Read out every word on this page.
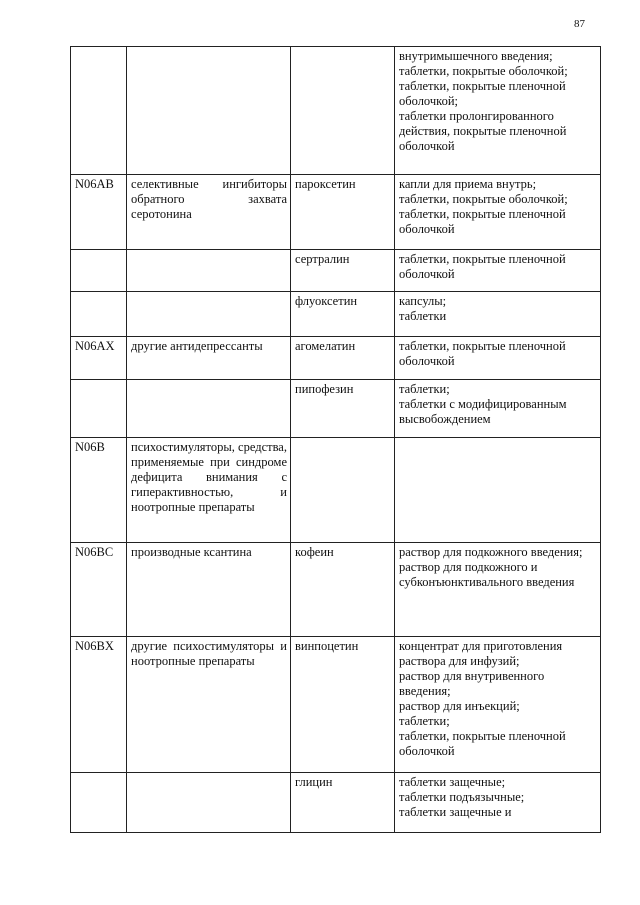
87

			внутримышечного введения;
таблетки, покрытые оболочкой;
таблетки, покрытые пленочной оболочкой;
таблетки пролонгированного действия, покрытые пленочной оболочкой

N06AB	селективные ингибиторы обратного захвата серотонина	пароксетин	капли для приема внутрь;
таблетки, покрытые оболочкой;
таблетки, покрытые пленочной оболочкой

		сертралин	таблетки, покрытые пленочной оболочкой

		флуоксетин	капсулы;
таблетки

N06AX	другие антидепрессанты	агомелатин	таблетки, покрытые пленочной оболочкой

		пипофезин	таблетки;
таблетки с модифицированным высвобождением

N06B	психостимуляторы, средства, применяемые при синдроме дефицита внимания с гиперактивностью, и ноотропные препараты		
N06BC	производные ксантина	кофеин	раствор для подкожного введения;
раствор для подкожного и субконъюнктивального введения

N06BX	другие психостимуляторы и ноотропные препараты	винпоцетин	концентрат для приготовления раствора для инфузий;
раствор для внутривенного введения;
раствор для инъекций;
таблетки;
таблетки, покрытые пленочной оболочкой

		глицин	таблетки защечные;
таблетки подъязычные;
таблетки защечные и
